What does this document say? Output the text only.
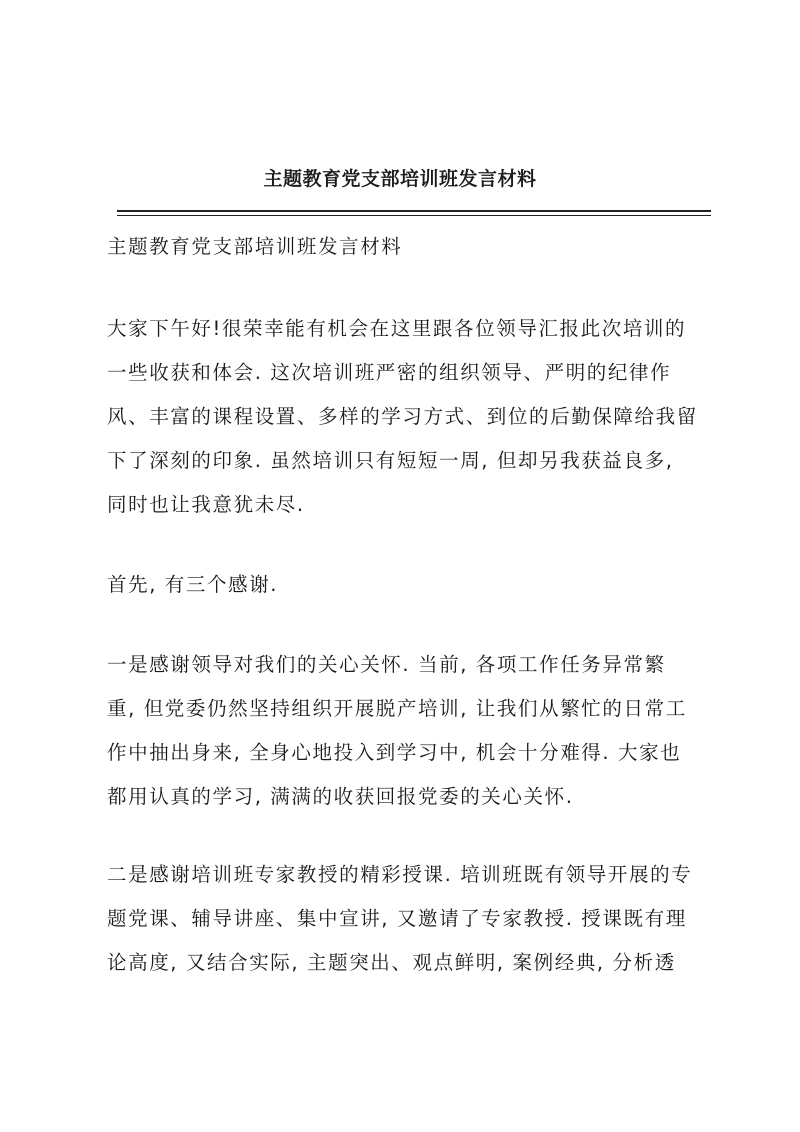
主题教育党支部培训班发言材料
主题教育党支部培训班发言材料
大家下午好!很荣幸能有机会在这里跟各位领导汇报此次培训的
一些收获和体会. 这次培训班严密的组织领导、严明的纪律作
风、丰富的课程设置、多样的学习方式、到位的后勤保障给我留
下了深刻的印象. 虽然培训只有短短一周, 但却另我获益良多,
同时也让我意犹未尽.
首先, 有三个感谢.
一是感谢领导对我们的关心关怀. 当前, 各项工作任务异常繁
重, 但党委仍然坚持组织开展脱产培训, 让我们从繁忙的日常工
作中抽出身来, 全身心地投入到学习中, 机会十分难得. 大家也
都用认真的学习, 满满的收获回报党委的关心关怀.
二是感谢培训班专家教授的精彩授课. 培训班既有领导开展的专
题党课、辅导讲座、集中宣讲, 又邀请了专家教授. 授课既有理
论高度, 又结合实际, 主题突出、观点鲜明, 案例经典, 分析透
